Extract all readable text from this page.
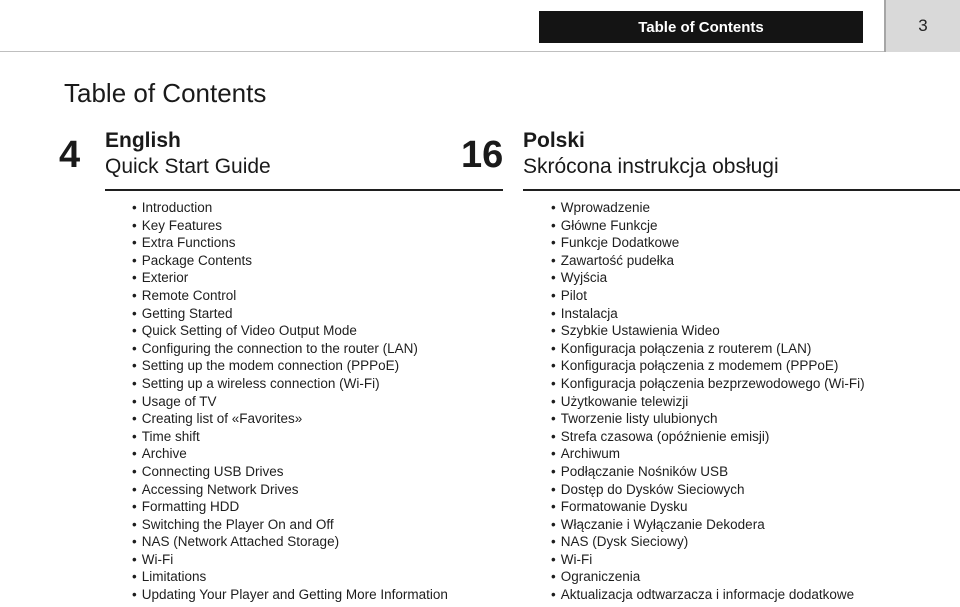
Table of Contents	3
Table of Contents
4 English
Quick Start Guide
• Introduction
• Key Features
• Extra Functions
• Package Contents
• Exterior
• Remote Control
• Getting Started
• Quick Setting of Video Output Mode
• Configuring the connection to the router (LAN)
• Setting up the modem connection (PPPoE)
• Setting up a wireless connection (Wi-Fi)
• Usage of TV
• Creating list of «Favorites»
• Time shift
• Archive
• Connecting USB Drives
• Accessing Network Drives
• Formatting HDD
• Switching the Player On and Off
• NAS (Network Attached Storage)
• Wi-Fi
• Limitations
• Updating Your Player and Getting More Information
16 Polski
Skrócona instrukcja obsługi
• Wprowadzenie
• Główne Funkcje
• Funkcje Dodatkowe
• Zawartość pudełka
• Wyjścia
• Pilot
• Instalacja
• Szybkie Ustawienia Wideo
• Konfiguracja połączenia z routerem (LAN)
• Konfiguracja połączenia z modemem (PPPoE)
• Konfiguracja połączenia bezprzewodowego (Wi-Fi)
• Użytkowanie telewizji
• Tworzenie listy ulubionych
• Strefa czasowa (opóźnienie emisji)
• Archiwum
• Podłączanie Nośników USB
• Dostęp do Dysków Sieciowych
• Formatowanie Dysku
• Włączanie i Wyłączanie Dekodera
• NAS (Dysk Sieciowy)
• Wi-Fi
• Ograniczenia
• Aktualizacja odtwarzacza i informacje dodatkowe
